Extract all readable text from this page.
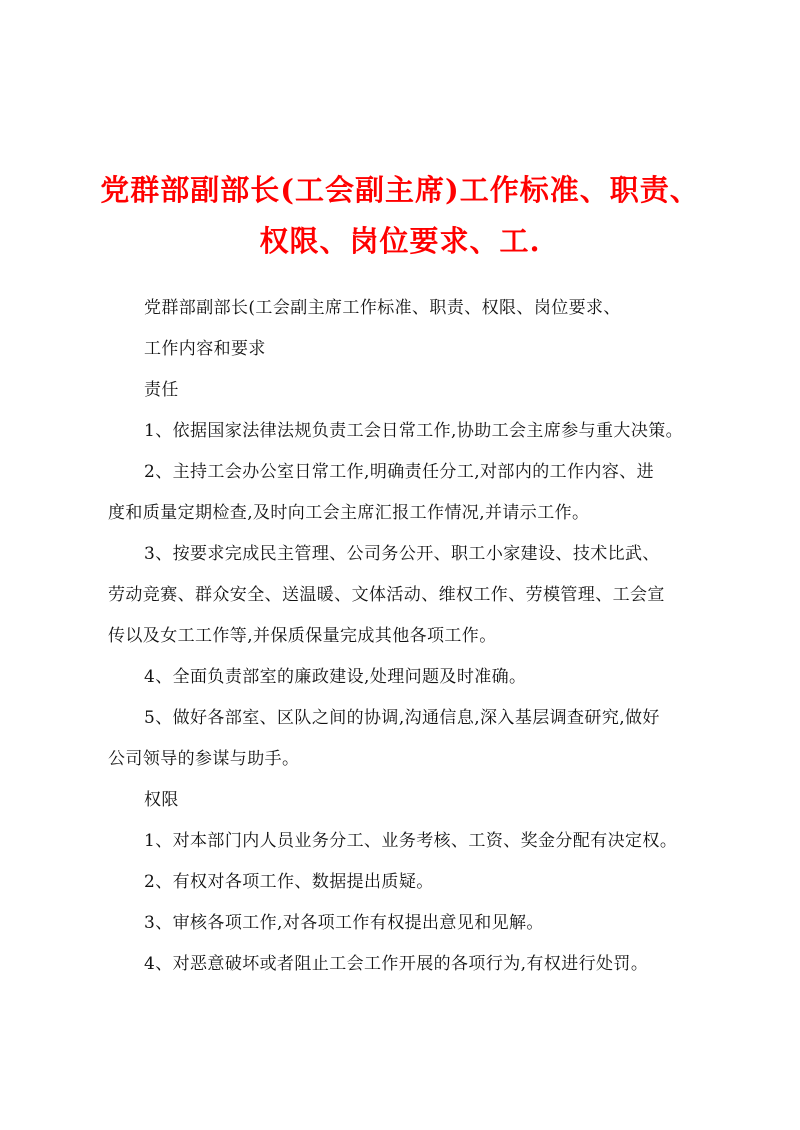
党群部副部长(工会副主席)工作标准、职责、
权限、岗位要求、工.

党群部副部长(工会副主席工作标准、职责、权限、岗位要求、

工作内容和要求

责任

1、依据国家法律法规负责工会日常工作,协助工会主席参与重大决策。

2、主持工会办公室日常工作,明确责任分工,对部内的工作内容、进

度和质量定期检查,及时向工会主席汇报工作情况,并请示工作。

3、按要求完成民主管理、公司务公开、职工小家建设、技术比武、

劳动竞赛、群众安全、送温暖、文体活动、维权工作、劳模管理、工会宣

传以及女工工作等,并保质保量完成其他各项工作。

4、全面负责部室的廉政建设,处理问题及时准确。

5、做好各部室、区队之间的协调,沟通信息,深入基层调查研究,做好

公司领导的参谋与助手。

权限

1、对本部门内人员业务分工、业务考核、工资、奖金分配有决定权。

2、有权对各项工作、数据提出质疑。

3、审核各项工作,对各项工作有权提出意见和见解。

4、对恶意破坏或者阻止工会工作开展的各项行为,有权进行处罚。
